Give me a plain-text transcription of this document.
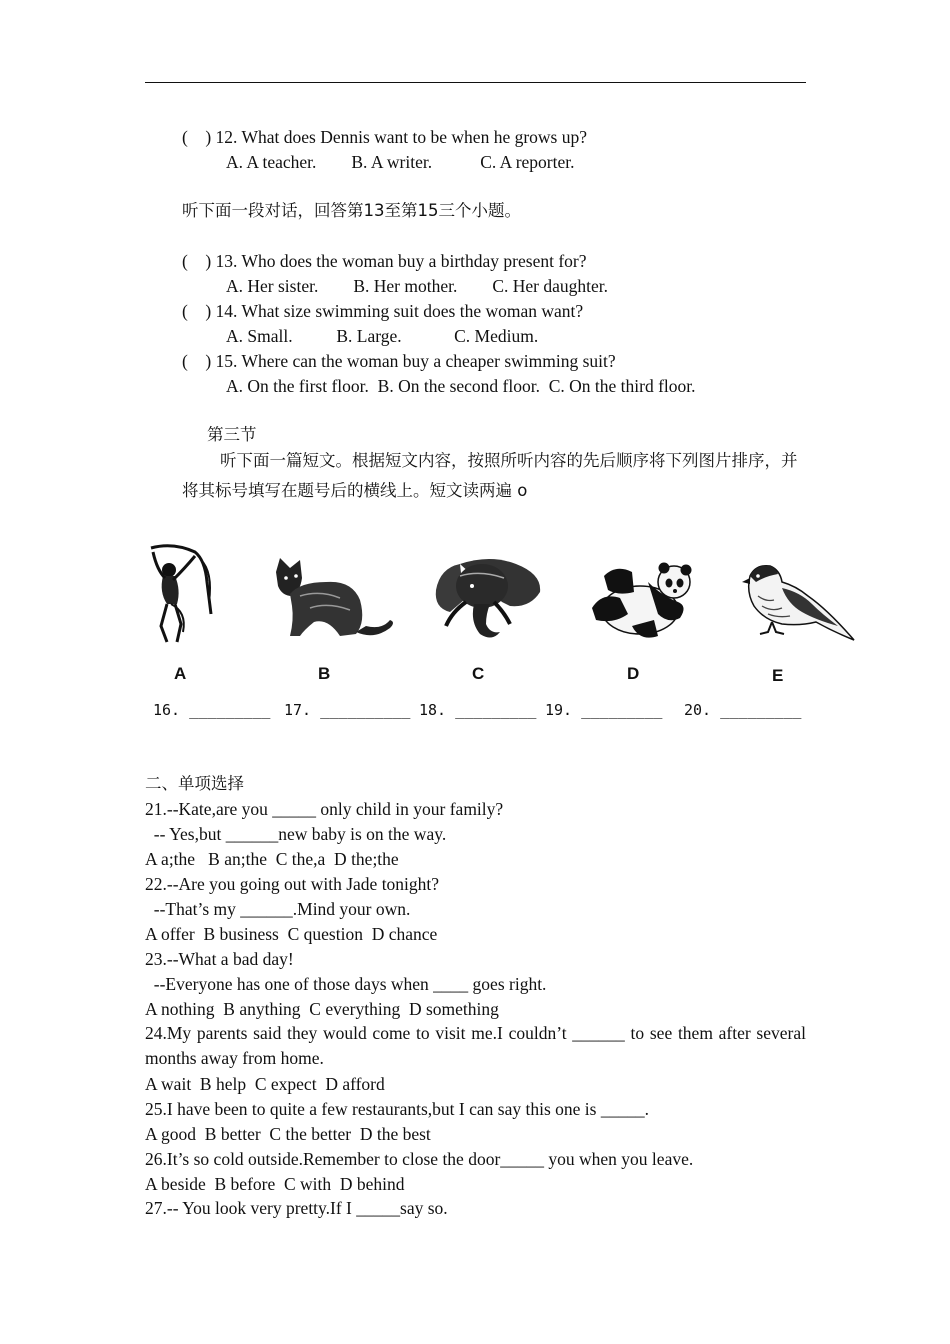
(    ) 12. What does Dennis want to be when he grows up?
A. A teacher.        B. A writer.           C. A reporter.
听下面一段对话，回答第13至第15三个小题。
(    ) 13. Who does the woman buy a birthday present for?
A. Her sister.        B. Her mother.        C. Her daughter.
(    ) 14. What size swimming suit does the woman want?
A. Small.          B. Large.            C. Medium.
(    ) 15. Where can the woman buy a cheaper swimming suit?
A. On the first floor.  B. On the second floor.  C. On the third floor.
第三节
听下面一篇短文。根据短文内容，按照所听内容的先后顺序将下列图片排序，并将其标号填写在题号后的横线上。短文读两遍 o
A	B	C	D	E
16. _________ 17. __________ 18. _________ 19. _________ 20. _________
二、单项选择
21.--Kate,are you _____ only child in your family?
-- Yes,but ______new baby is on the way.
A a;the   B an;the  C the,a  D the;the
22.--Are you going out with Jade tonight?
--That’s my ______.Mind your own.
A offer  B business  C question  D chance
23.--What a bad day!
--Everyone has one of those days when ____ goes right.
A nothing  B anything  C everything  D something
24.My parents said they would come to visit me.I couldn’t ______ to see them after several months away from home.
A wait  B help  C expect  D afford
25.I have been to quite a few restaurants,but I can say this one is _____.
A good  B better  C the better  D the best
26.It’s so cold outside.Remember to close the door_____ you when you leave.
A beside  B before  C with  D behind
27.-- You look very pretty.If I _____say so.
